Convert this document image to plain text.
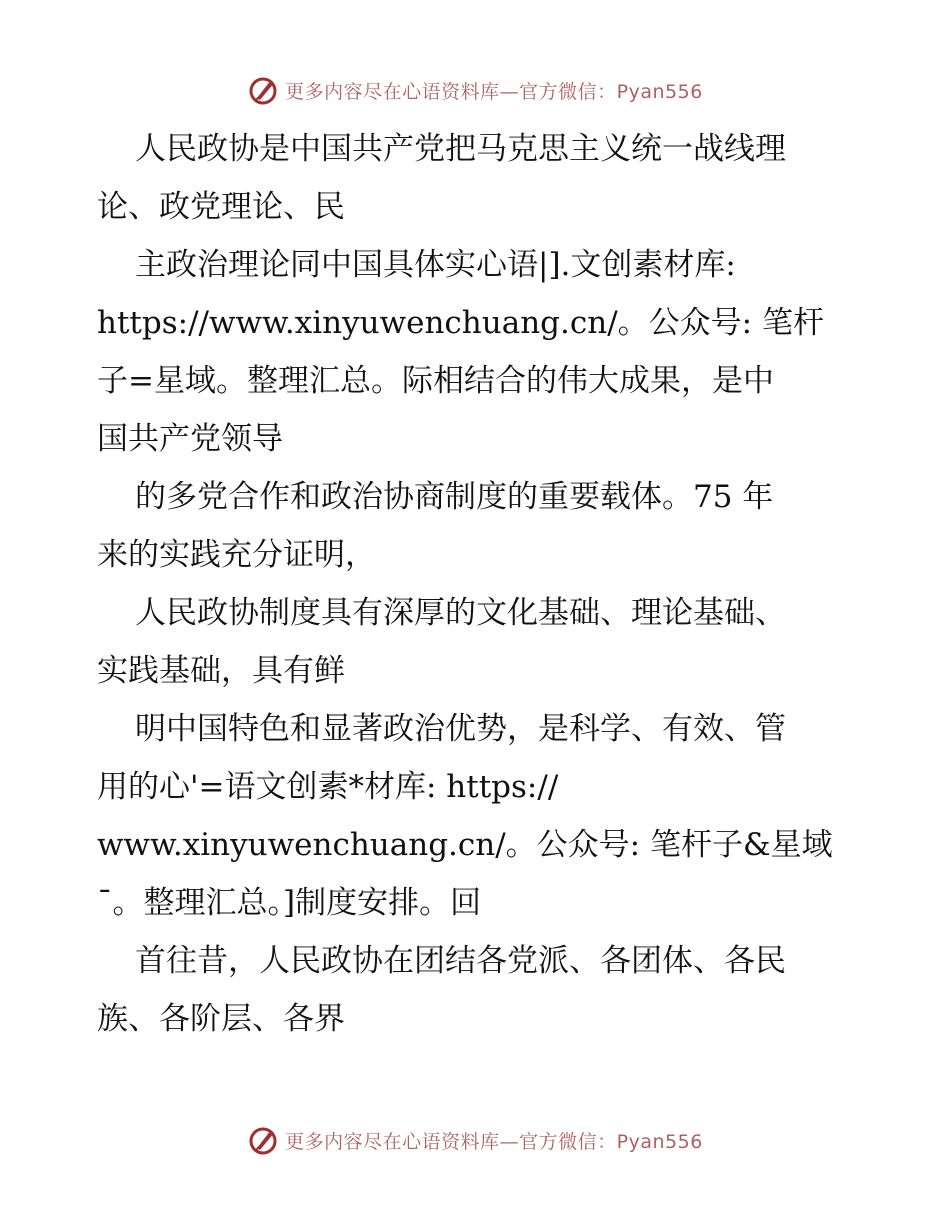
更多内容尽在心语资料库—官方微信：Pyan556
人民政协是中国共产党把马克思主义统一战线理
论、政党理论、民
主政治理论同中国具体实心语|].文创素材库:
https://www.xinyuwenchuang.cn/。公众号: 笔杆
子=星域。整理汇总。际相结合的伟大成果，是中
国共产党领导
的多党合作和政治协商制度的重要载体。75 年
来的实践充分证明，
人民政协制度具有深厚的文化基础、理论基础、
实践基础，具有鲜
明中国特色和显著政治优势，是科学、有效、管
用的心'=语文创素*材库: https://
www.xinyuwenchuang.cn/。公众号: 笔杆子&星域
¯。整理汇总。]制度安排。回
首往昔，人民政协在团结各党派、各团体、各民
族、各阶层、各界
更多内容尽在心语资料库—官方微信：Pyan556
